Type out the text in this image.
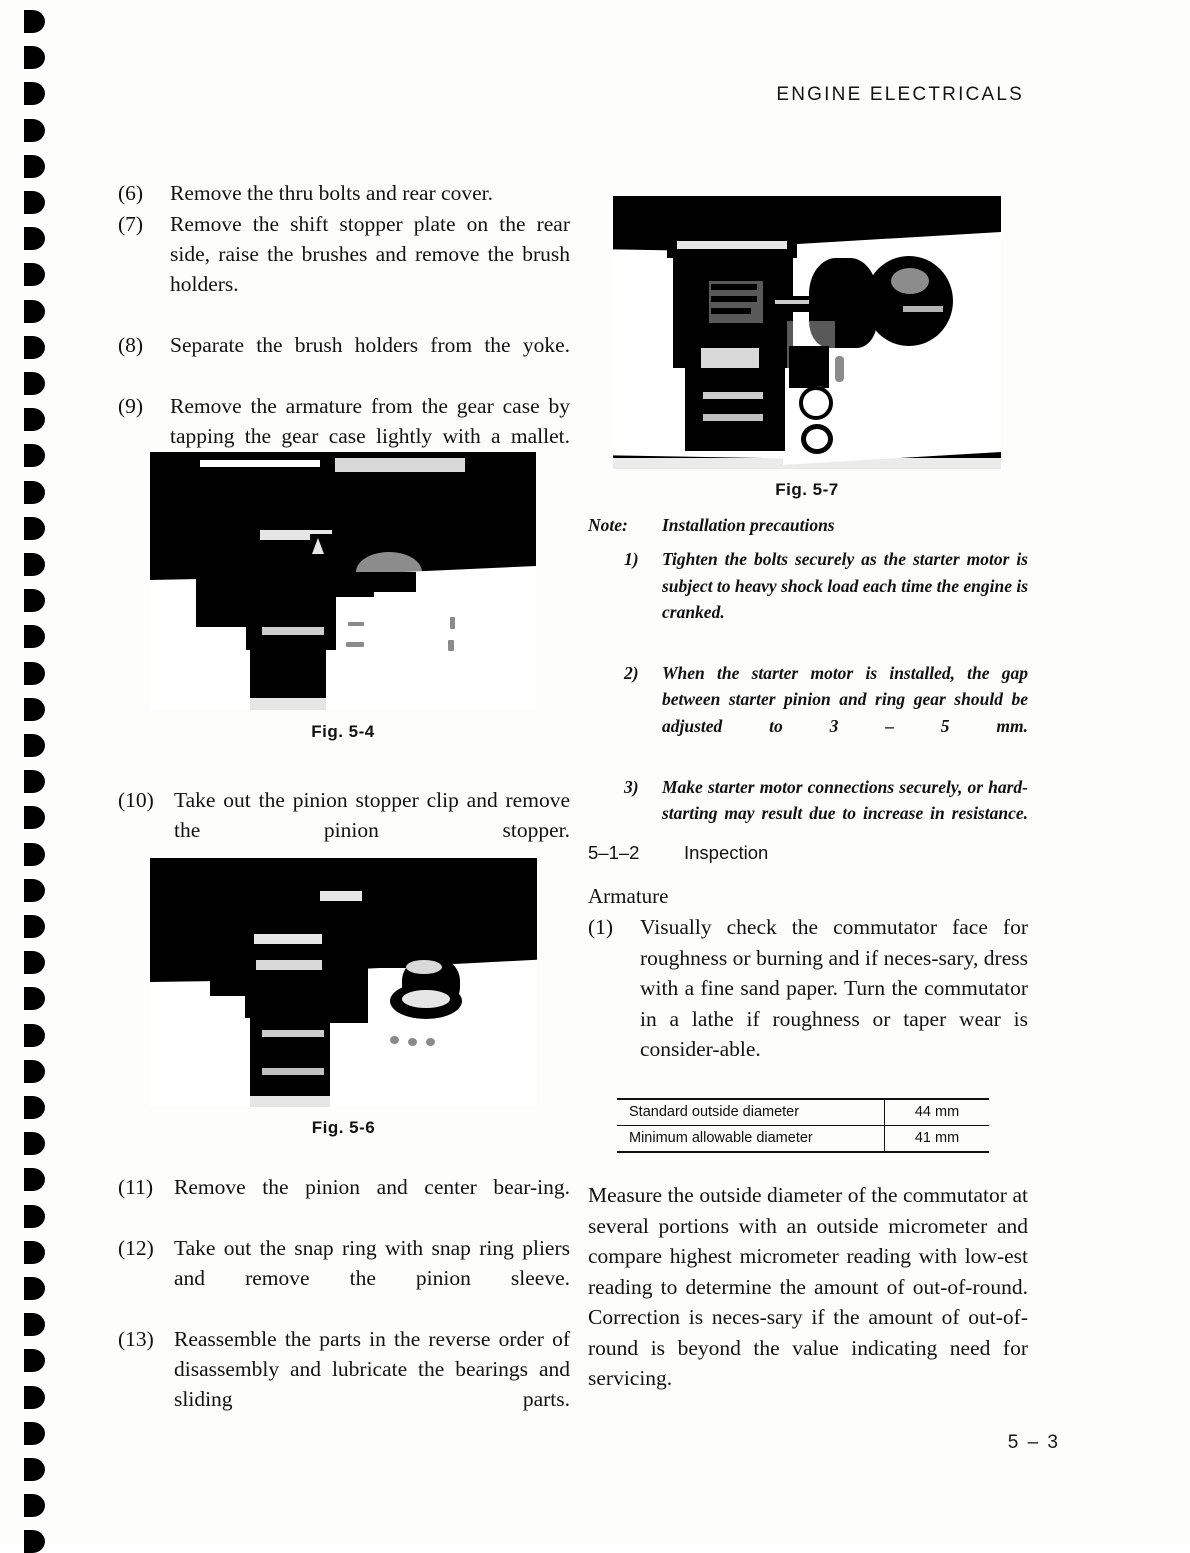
ENGINE ELECTRICALS
(6)	Remove the thru bolts and rear cover.
(7)	Remove the shift stopper plate on the rear side, raise the brushes and remove the brush holders.
(8)	Separate the brush holders from the yoke.
(9)	Remove the armature from the gear case by tapping the gear case lightly with a mallet.
Fig. 5-4
(10) Take out the pinion stopper clip and remove the pinion stopper.
Fig. 5-6
(11) Remove the pinion and center bear-ing.
(12) Take out the snap ring with snap ring pliers and remove the pinion sleeve.
(13) Reassemble the parts in the reverse order of disassembly and lubricate the bearings and sliding parts.
Fig. 5-7
Note:	Installation precautions
1)	Tighten the bolts securely as the starter motor is subject to heavy shock load each time the engine is cranked.
2)	When the starter motor is installed, the gap between starter pinion and ring gear should be adjusted to 3 – 5 mm.
3)	Make starter motor connections securely, or hard-starting may result due to increase in resistance.
5–1–2	Inspection
Armature
(1)	Visually check the commutator face for roughness or burning and if neces-sary, dress with a fine sand paper. Turn the commutator in a lathe if roughness or taper wear is consider-able.
Standard outside diameter	44 mm
Minimum allowable diameter	41 mm

Measure the outside diameter of the commutator at several portions with an outside micrometer and compare highest micrometer reading with low-est reading to determine the amount of out-of-round. Correction is neces-sary if the amount of out-of-round is beyond the value indicating need for servicing.

5 – 3
